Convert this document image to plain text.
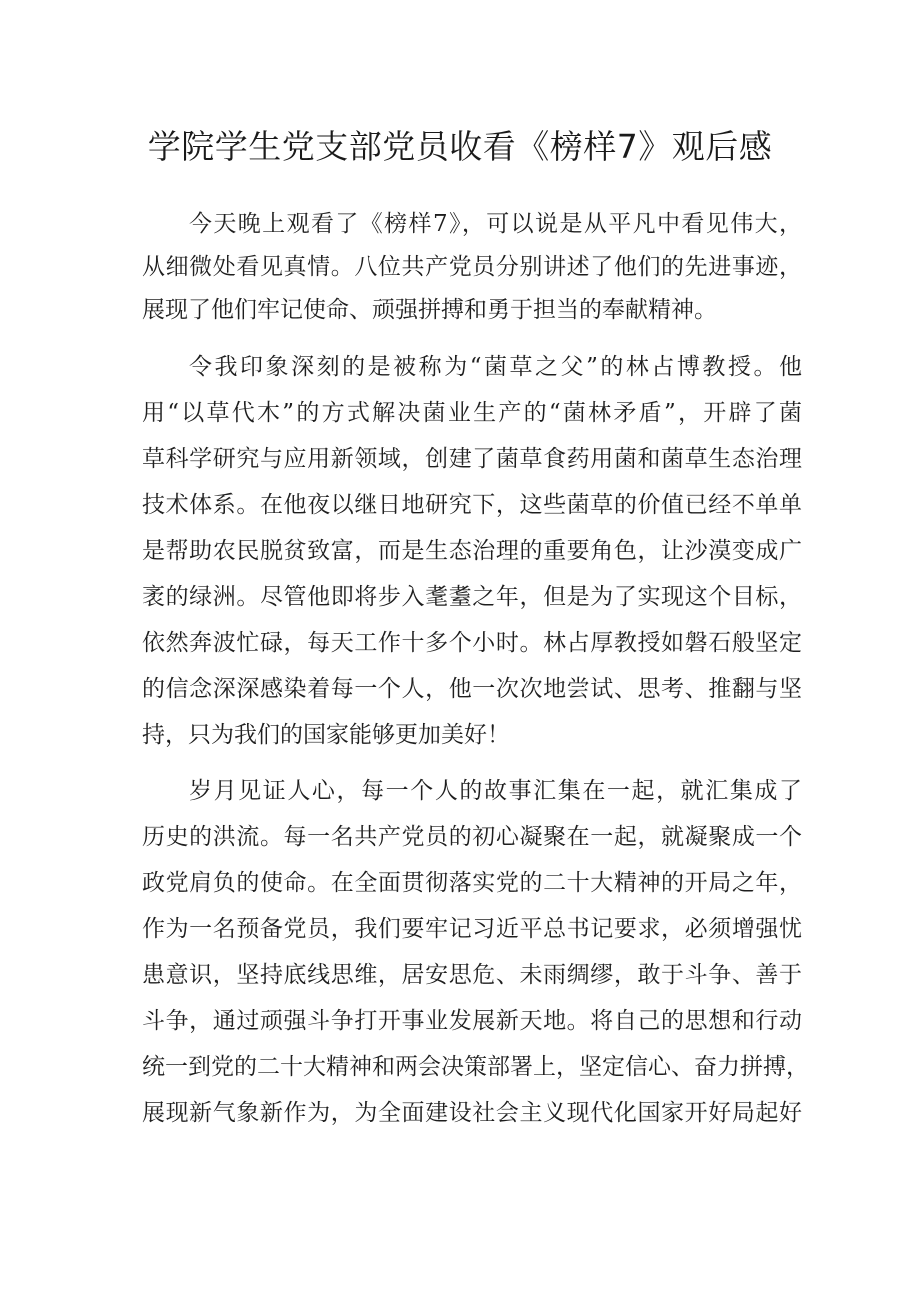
学院学生党支部党员收看《榜样7》观后感
今天晚上观看了《榜样7》，可以说是从平凡中看见伟大，
从细微处看见真情。八位共产党员分别讲述了他们的先进事迹，
展现了他们牢记使命、顽强拼搏和勇于担当的奉献精神。
令我印象深刻的是被称为“菌草之父”的林占博教授。他
用“以草代木”的方式解决菌业生产的“菌林矛盾”，开辟了菌
草科学研究与应用新领域，创建了菌草食药用菌和菌草生态治理
技术体系。在他夜以继日地研究下，这些菌草的价值已经不单单
是帮助农民脱贫致富，而是生态治理的重要角色，让沙漠变成广
袤的绿洲。尽管他即将步入耄耋之年，但是为了实现这个目标，
依然奔波忙碌，每天工作十多个小时。林占厚教授如磐石般坚定
的信念深深感染着每一个人，他一次次地尝试、思考、推翻与坚
持，只为我们的国家能够更加美好！
岁月见证人心，每一个人的故事汇集在一起，就汇集成了
历史的洪流。每一名共产党员的初心凝聚在一起，就凝聚成一个
政党肩负的使命。在全面贯彻落实党的二十大精神的开局之年，
作为一名预备党员，我们要牢记习近平总书记要求，必须增强忧
患意识，坚持底线思维，居安思危、未雨绸缪，敢于斗争、善于
斗争，通过顽强斗争打开事业发展新天地。将自己的思想和行动
统一到党的二十大精神和两会决策部署上，坚定信心、奋力拼搏，
展现新气象新作为，为全面建设社会主义现代化国家开好局起好
